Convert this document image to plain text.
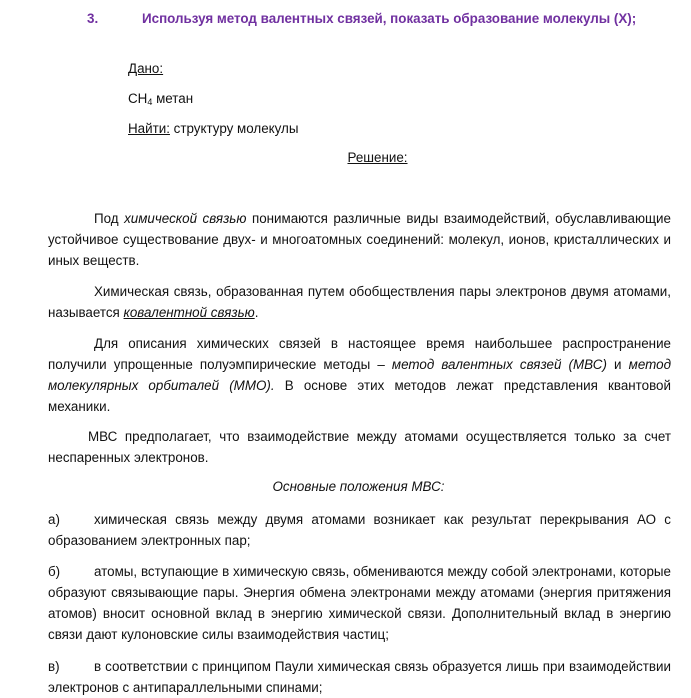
3.	Используя метод валентных связей, показать образование молекулы (X);
Дано:
$CH_4$ метан
Найти: структуру молекулы
Решение:

Под химической связью понимаются различные виды взаимодействий, обуславливающие устойчивое существование двух- и многоатомных соединений: молекул, ионов, кристаллических и иных веществ.

Химическая связь, образованная путем обобществления пары электронов двумя атомами, называется ковалентной связью.

Для описания химических связей в настоящее время наибольшее распространение получили упрощенные полуэмпирические методы – метод валентных связей (МВС) и метод молекулярных орбиталей (ММО). В основе этих методов лежат представления квантовой механики.

МВС предполагает, что взаимодействие между атомами осуществляется только за счет неспаренных электронов.

Основные положения МВС:
а)	химическая связь между двумя атомами возникает как результат перекрывания АО с образованием электронных пар;
б)	атомы, вступающие в химическую связь, обмениваются между собой электронами, которые образуют связывающие пары. Энергия обмена электронами между атомами (энергия притяжения атомов) вносит основной вклад в энергию химической связи. Дополнительный вклад в энергию связи дают кулоновские силы взаимодействия частиц;
в)	в соответствии с принципом Паули химическая связь образуется лишь при взаимодействии электронов с антипараллельными спинами;
